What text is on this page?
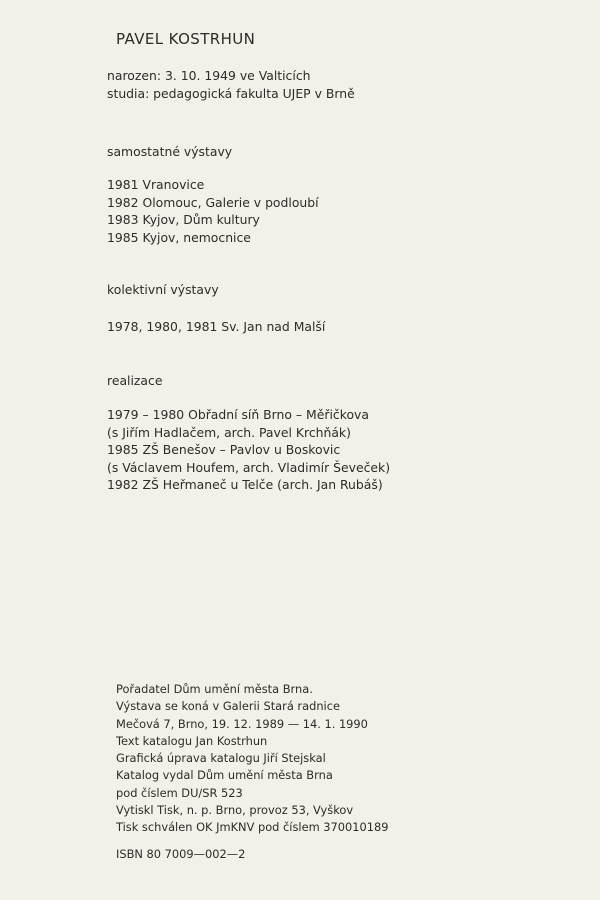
PAVEL KOSTRHUN
narozen: 3. 10. 1949 ve Valticích
studia: pedagogická fakulta UJEP v Brně
samostatné výstavy
1981 Vranovice
1982 Olomouc, Galerie v podloubí
1983 Kyjov, Dům kultury
1985 Kyjov, nemocnice
kolektivní výstavy
1978, 1980, 1981 Sv. Jan nad Malší
realizace
1979 – 1980 Obřadní síň Brno – Měřičkova
(s Jiřím Hadlačem, arch. Pavel Krchňák)
1985 ZŠ Benešov – Pavlov u Boskovic
(s Václavem Houfem, arch. Vladimír Ševeček)
1982 ZŠ Heřmaneč u Telče (arch. Jan Rubáš)
Pořadatel Dům umění města Brna.
Výstava se koná v Galerii Stará radnice
Mečová 7, Brno, 19. 12. 1989 — 14. 1. 1990
Text katalogu Jan Kostrhun
Grafická úprava katalogu Jiří Stejskal
Katalog vydal Dům umění města Brna
pod číslem DU/SR 523
Vytiskl Tisk, n. p. Brno, provoz 53, Vyškov
Tisk schválen OK JmKNV pod číslem 370010189
ISBN 80 7009—002—2
